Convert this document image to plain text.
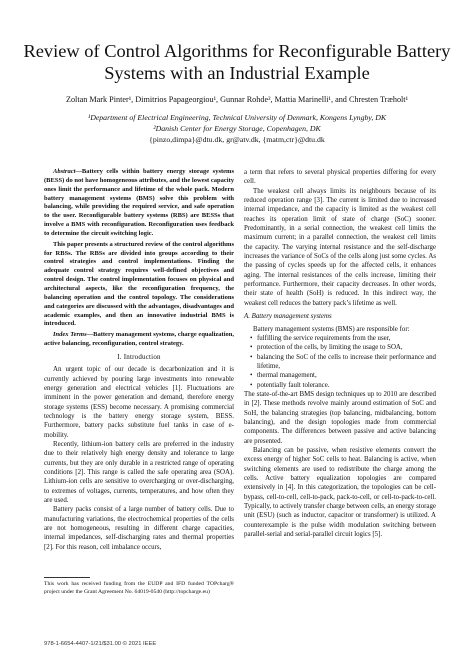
Review of Control Algorithms for Reconfigurable Battery Systems with an Industrial Example
Zoltan Mark Pinter¹, Dimitrios Papageorgiou¹, Gunnar Rohde², Mattia Marinelli¹, and Chresten Træholt¹
¹Department of Electrical Engineering, Technical University of Denmark, Kongens Lyngby, DK
²Danish Center for Energy Storage, Copenhagen, DK
{pinzo,dimpa}@dtu.dk, gr@atv.dk, {matm,ctr}@dtu.dk

Abstract—Battery cells within battery energy storage systems (BESS) do not have homogeneous attributes, and the lowest capacity ones limit the performance and lifetime of the whole pack. Modern battery management systems (BMS) solve this problem with balancing, while providing the required service, and safe operation to the user. Reconfigurable battery systems (RBS) are BESSs that involve a BMS with reconfiguration. Reconfiguration uses feedback to determine the circuit switching logic.

This paper presents a structured review of the control algorithms for RBSs. The RBSs are divided into groups according to their control strategies and control implementations. Finding the adequate control strategy requires well-defined objectives and control design. The control implementation focuses on physical and architectural aspects, like the reconfiguration frequency, the balancing operation and the control topology. The considerations and categories are discussed with the advantages, disadvantages and academic examples, and then an innovative industrial BMS is introduced.

Index Terms—Battery management systems, charge equalization, active balancing, reconfiguration, control strategy.

I. Introduction

An urgent topic of our decade is decarbonization and it is currently achieved by pouring large investments into renewable energy generation and electrical vehicles [1]. Fluctuations are imminent in the power generation and demand, therefore energy storage systems (ESS) become necessary. A promising commercial technology is the battery energy storage system, BESS. Furthermore, battery packs substitute fuel tanks in case of e-mobility.

Recently, lithium-ion battery cells are preferred in the industry due to their relatively high energy density and tolerance to large currents, but they are only durable in a restricted range of operating conditions [2]. This range is called the safe operating area (SOA). Lithium-ion cells are sensitive to overcharging or over-discharging, to extremes of voltages, currents, temperatures, and how often they are used.

Battery packs consist of a large number of battery cells. Due to manufacturing variations, the electrochemical properties of the cells are not homogeneous, resulting in different charge capacities, internal impedances, self-discharging rates and thermal properties [2]. For this reason, cell imbalance occurs,

This work has received funding from the EUDP and IFD funded TOPcharg® project under the Grant Agreement No. 64019-0540 (http://topcharge.eu)
978-1-6654-4407-1/21/$31.00 © 2021 IEEE

a term that refers to several physical properties differing for every cell.

The weakest cell always limits its neighbours because of its reduced operation range [3]. The current is limited due to increased internal impedance, and the capacity is limited as the weakest cell reaches its operation limit of state of charge (SoC) sooner. Predominantly, in a serial connection, the weakest cell limits the maximum current; in a parallel connection, the weakest cell limits the capacity. The varying internal resistance and the self-discharge increases the variance of SoCs of the cells along just some cycles. As the passing of cycles speeds up for the affected cells, it enhances aging. The internal resistances of the cells increase, limiting their performance. Furthermore, their capacity decreases. In other words, their state of health (SoH) is reduced. In this indirect way, the weakest cell reduces the battery pack’s lifetime as well.

A. Battery management systems

Battery management systems (BMS) are responsible for:

• fulfilling the service requirements from the user,
• protection of the cells, by limiting the usage to SOA,
• balancing the SoC of the cells to increase their performance and lifetime,
• thermal management,
• potentially fault tolerance.

The state-of-the-art BMS design techniques up to 2010 are described in [2]. These methods revolve mainly around estimation of SoC and SoH, the balancing strategies (top balancing, midbalancing, bottom balancing), and the design topologies made from commercial components. The differences between passive and active balancing are presented.

Balancing can be passive, when resistive elements convert the excess energy of higher SoC cells to heat. Balancing is active, when switching elements are used to redistribute the charge among the cells. Active battery equalization topologies are compared extensively in [4]. In this categorization, the topologies can be cell-bypass, cell-to-cell, cell-to-pack, pack-to-cell, or cell-to-pack-to-cell. Typically, to actively transfer charge between cells, an energy storage unit (ESU) (such as inductor, capacitor or transformer) is utilized. A counterexample is the pulse width modulation switching between parallel-serial and serial-parallel circuit logics [5].
